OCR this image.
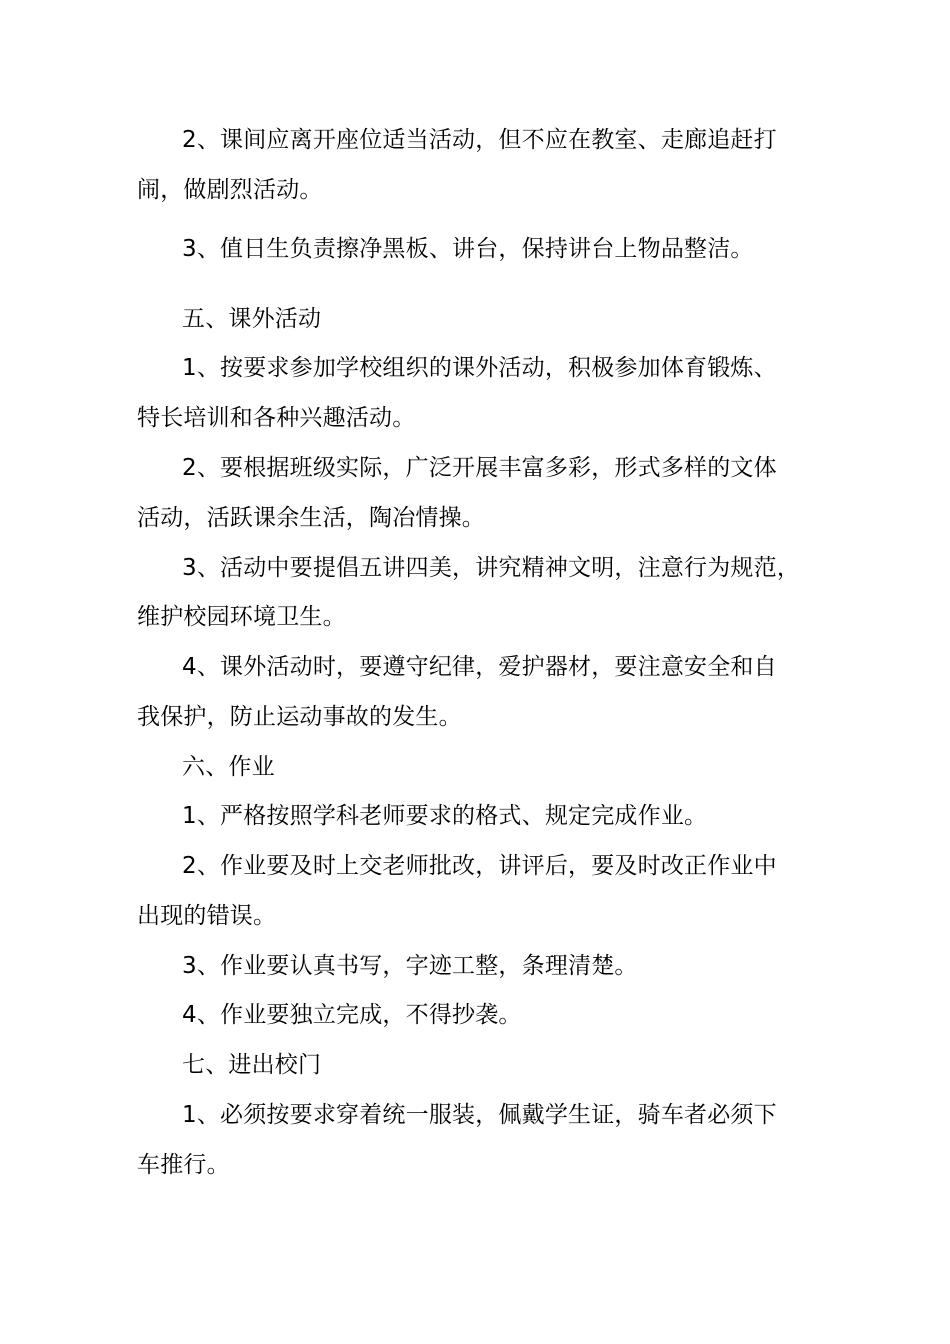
2、课间应离开座位适当活动，但不应在教室、走廊追赶打
闹，做剧烈活动。
3、值日生负责擦净黑板、讲台，保持讲台上物品整洁。
五、课外活动
1、按要求参加学校组织的课外活动，积极参加体育锻炼、
特长培训和各种兴趣活动。
2、要根据班级实际，广泛开展丰富多彩，形式多样的文体
活动，活跃课余生活，陶冶情操。
3、活动中要提倡五讲四美，讲究精神文明，注意行为规范，
维护校园环境卫生。
4、课外活动时，要遵守纪律，爱护器材，要注意安全和自
我保护，防止运动事故的发生。
六、作业
1、严格按照学科老师要求的格式、规定完成作业。
2、作业要及时上交老师批改，讲评后，要及时改正作业中
出现的错误。
3、作业要认真书写，字迹工整，条理清楚。
4、作业要独立完成，不得抄袭。
七、进出校门
1、必须按要求穿着统一服装，佩戴学生证，骑车者必须下
车推行。
